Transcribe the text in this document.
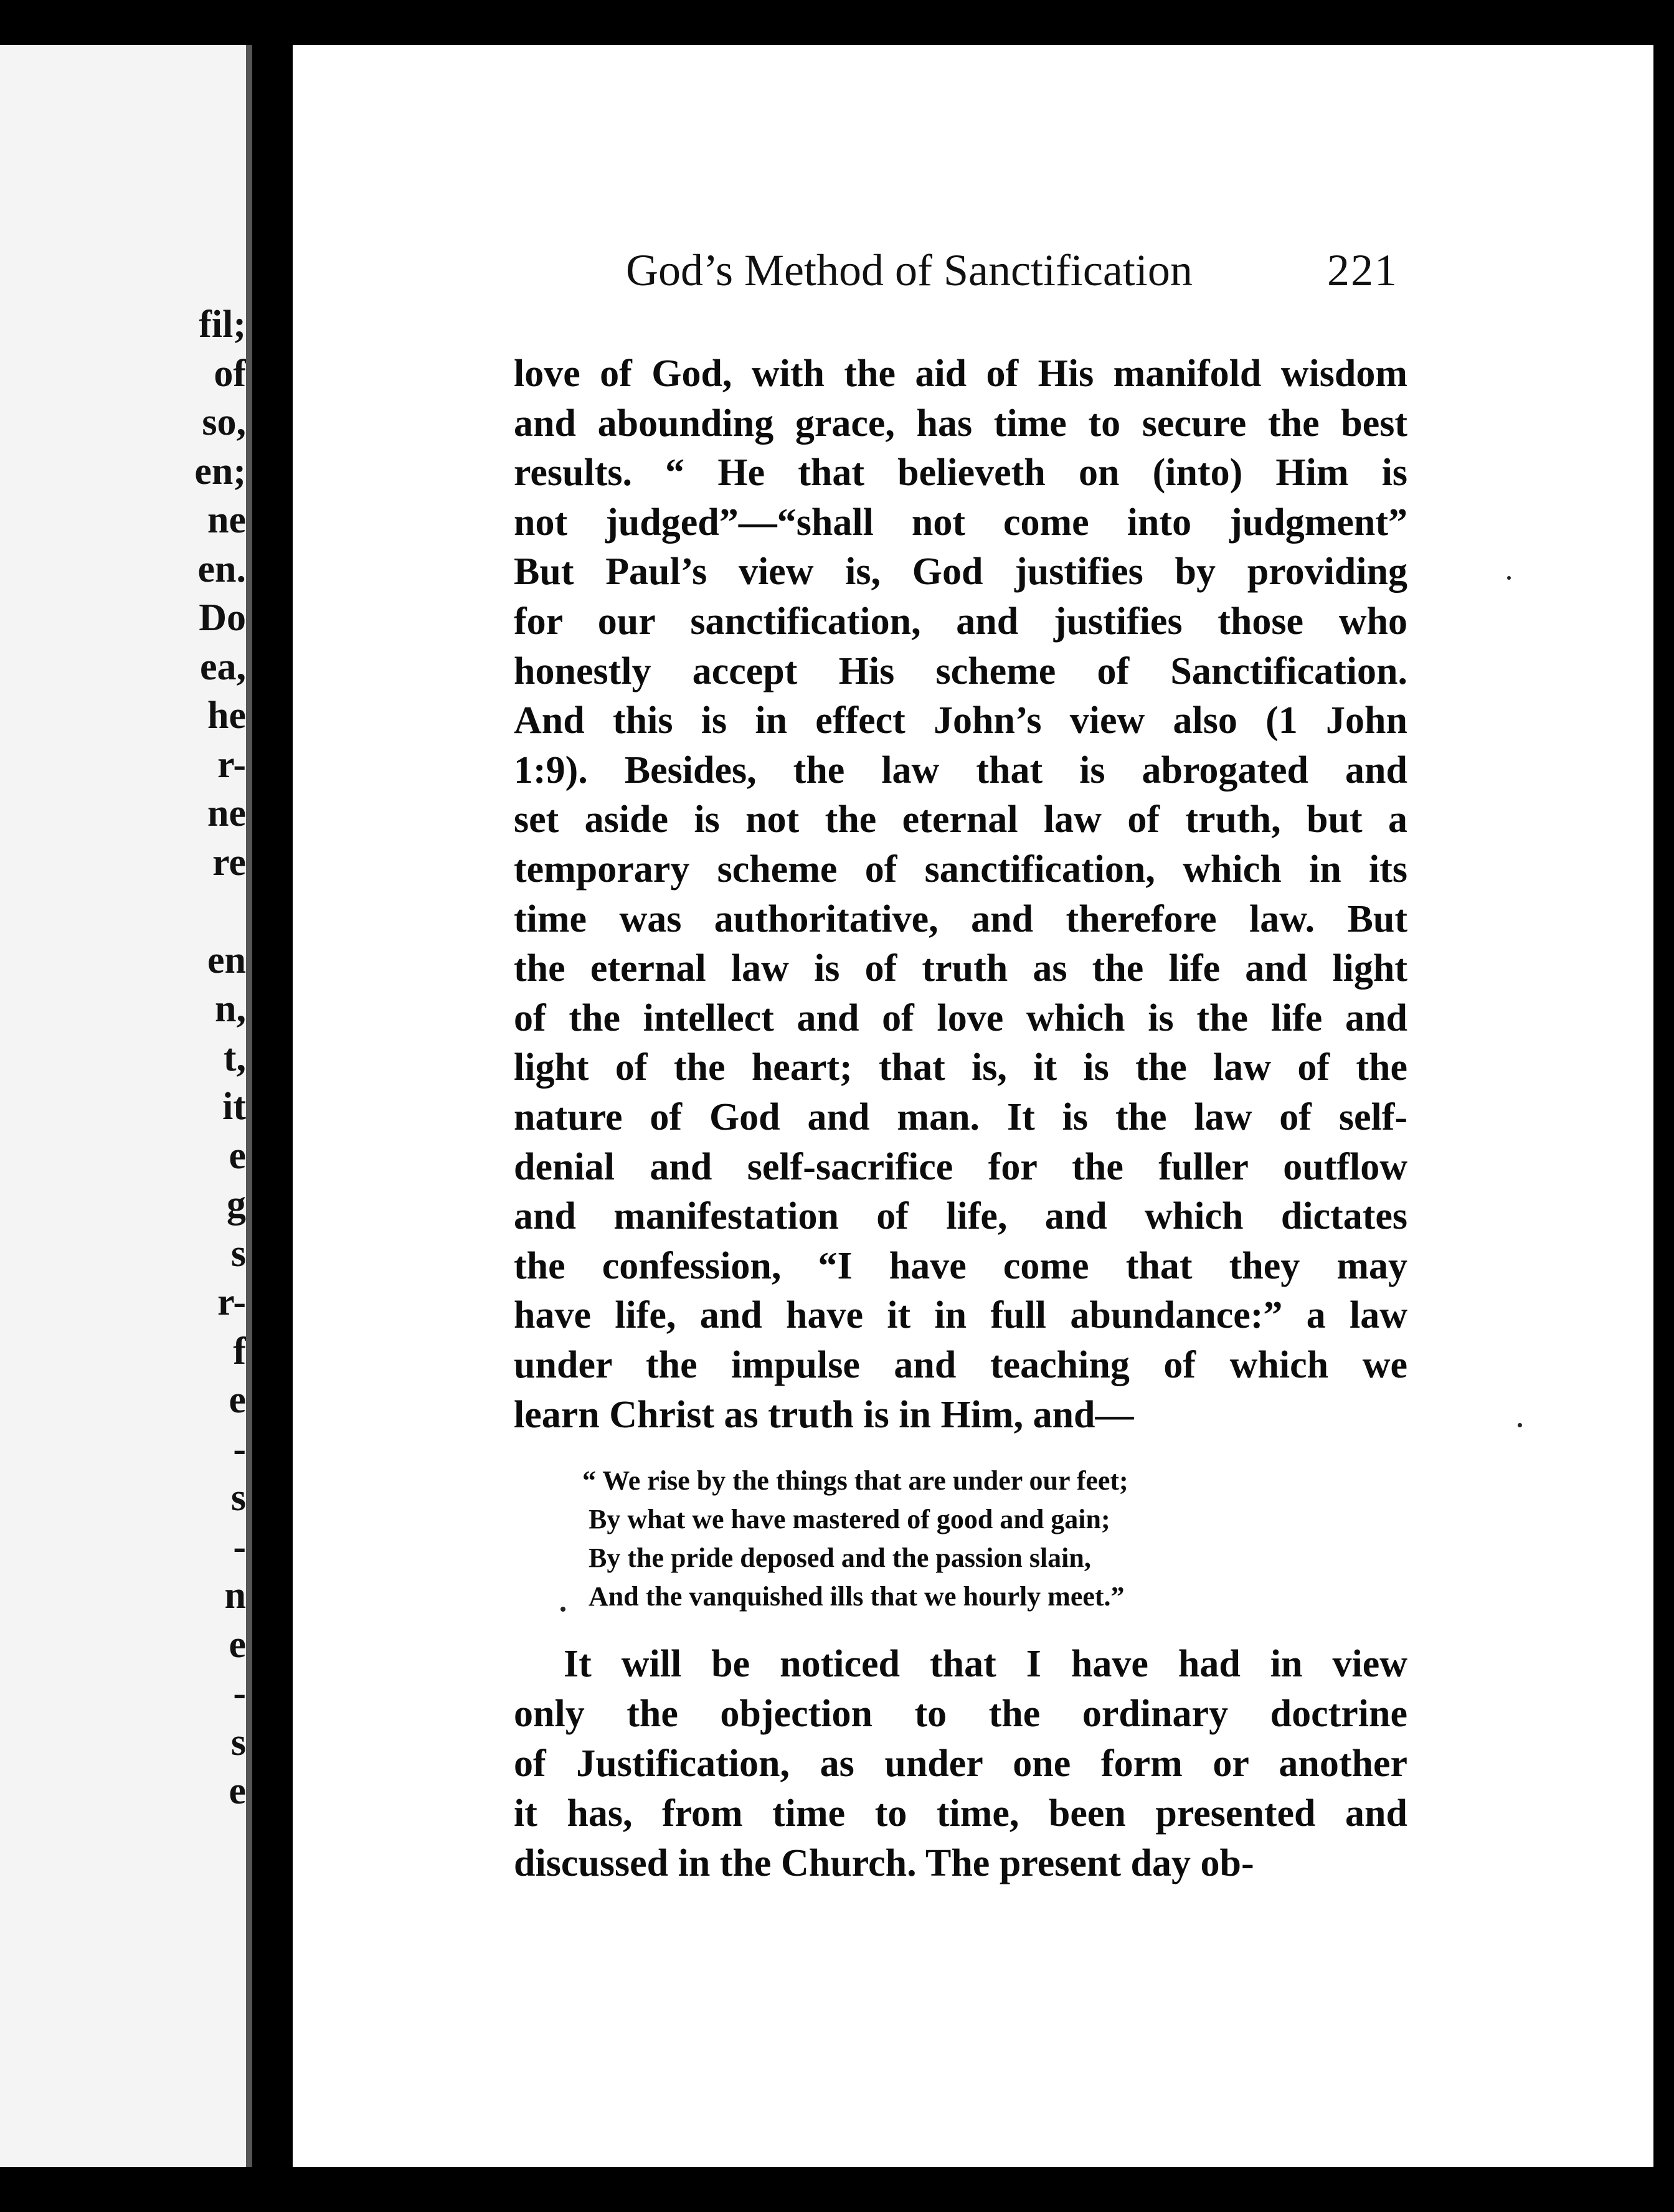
fil;
of
so,
en;
ne
en.
Do
ea,
he
r-
ne
re
en
n,
t,
it
e
g
s
r-
f
e
-
s
-
n
e
-
s
e
God’s Method of Sanctification	221
love of God, with the aid of His manifold wisdom
and abounding grace, has time to secure the best
results. “ He that believeth on (into) Him is
not judged”—“shall not come into judgment”
But Paul’s view is, God justifies by providing
for our sanctification, and justifies those who
honestly accept His scheme of Sanctification.
And this is in effect John’s view also (1 John
1:9). Besides, the law that is abrogated and
set aside is not the eternal law of truth, but a
temporary scheme of sanctification, which in its
time was authoritative, and therefore law. But
the eternal law is of truth as the life and light
of the intellect and of love which is the life and
light of the heart; that is, it is the law of the
nature of God and man. It is the law of self-
denial and self-sacrifice for the fuller outflow
and manifestation of life, and which dictates
the confession, “I have come that they may
have life, and have it in full abundance:” a law
under the impulse and teaching of which we
learn Christ as truth is in Him, and—
“ We rise by the things that are under our feet;
By what we have mastered of good and gain;
By the pride deposed and the passion slain,
And the vanquished ills that we hourly meet.”
It will be noticed that I have had in view
only the objection to the ordinary doctrine
of Justification, as under one form or another
it has, from time to time, been presented and
discussed in the Church. The present day ob-
